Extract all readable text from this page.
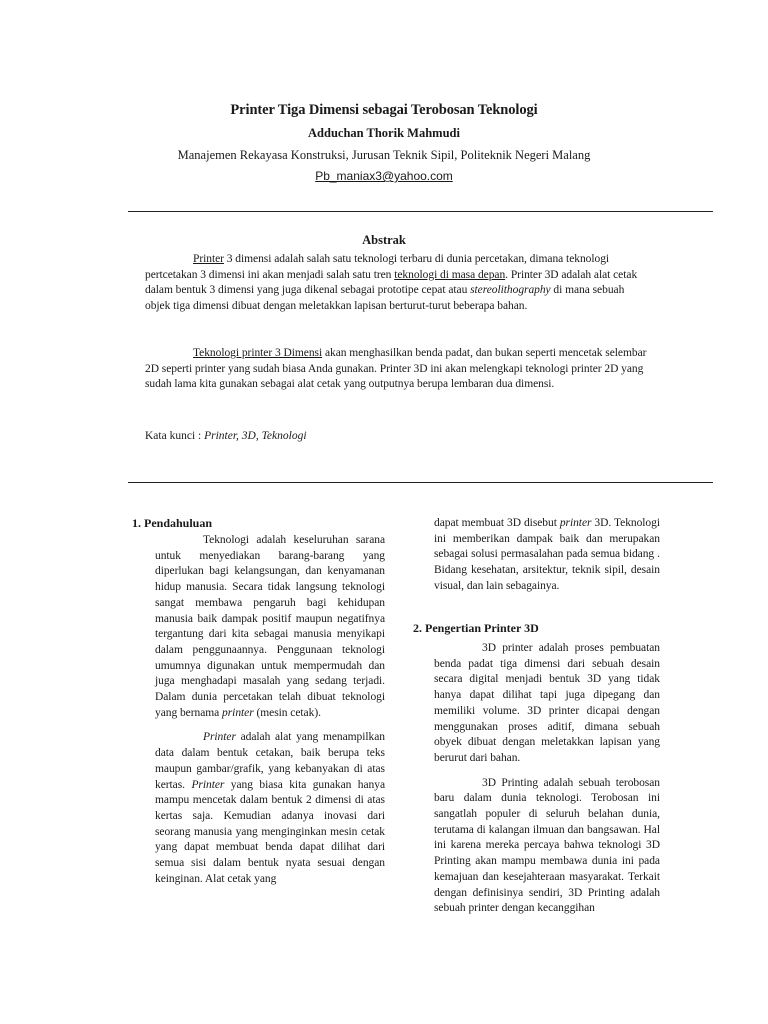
Printer Tiga Dimensi sebagai Terobosan Teknologi
Adduchan Thorik Mahmudi
Manajemen Rekayasa Konstruksi, Jurusan Teknik Sipil, Politeknik Negeri Malang
Pb_maniax3@yahoo.com
Abstrak
Printer 3 dimensi adalah salah satu teknologi terbaru di dunia percetakan, dimana teknologi pertcetakan 3 dimensi ini akan menjadi salah satu tren teknologi di masa depan. Printer 3D adalah alat cetak dalam bentuk 3 dimensi yang juga dikenal sebagai prototipe cepat atau stereolithography di mana sebuah objek tiga dimensi dibuat dengan meletakkan lapisan berturut-turut beberapa bahan.
Teknologi printer 3 Dimensi akan menghasilkan benda padat, dan bukan seperti mencetak selembar 2D seperti printer yang sudah biasa Anda gunakan. Printer 3D ini akan melengkapi teknologi printer 2D yang sudah lama kita gunakan sebagai alat cetak yang outputnya berupa lembaran dua dimensi.
Kata kunci : Printer, 3D, Teknologi
1. Pendahuluan

Teknologi adalah keseluruhan sarana untuk menyediakan barang-barang yang diperlukan bagi kelangsungan, dan kenyamanan hidup manusia. Secara tidak langsung teknologi sangat membawa pengaruh bagi kehidupan manusia baik dampak positif maupun negatifnya tergantung dari kita sebagai manusia menyikapi dalam penggunaannya. Penggunaan teknologi umumnya digunakan untuk mempermudah dan juga menghadapi masalah yang sedang terjadi. Dalam dunia percetakan telah dibuat teknologi yang bernama printer (mesin cetak).

Printer adalah alat yang menampilkan data dalam bentuk cetakan, baik berupa teks maupun gambar/grafik, yang kebanyakan di atas kertas. Printer yang biasa kita gunakan hanya mampu mencetak dalam bentuk 2 dimensi di atas kertas saja. Kemudian adanya inovasi dari seorang manusia yang menginginkan mesin cetak yang dapat membuat benda dapat dilihat dari semua sisi dalam bentuk nyata sesuai dengan keinginan. Alat cetak yang

dapat membuat 3D disebut printer 3D. Teknologi ini memberikan dampak baik dan merupakan sebagai solusi permasalahan pada semua bidang . Bidang kesehatan, arsitektur, teknik sipil, desain visual, dan lain sebagainya.

2. Pengertian Printer 3D

3D printer adalah proses pembuatan benda padat tiga dimensi dari sebuah desain secara digital menjadi bentuk 3D yang tidak hanya dapat dilihat tapi juga dipegang dan memiliki volume. 3D printer dicapai dengan menggunakan proses aditif, dimana sebuah obyek dibuat dengan meletakkan lapisan yang berurut dari bahan.

3D Printing adalah sebuah terobosan baru dalam dunia teknologi. Terobosan ini sangatlah populer di seluruh belahan dunia, terutama di kalangan ilmuan dan bangsawan. Hal ini karena mereka percaya bahwa teknologi 3D Printing akan mampu membawa dunia ini pada kemajuan dan kesejahteraan masyarakat. Terkait dengan definisinya sendiri, 3D Printing adalah sebuah printer dengan kecanggihan
